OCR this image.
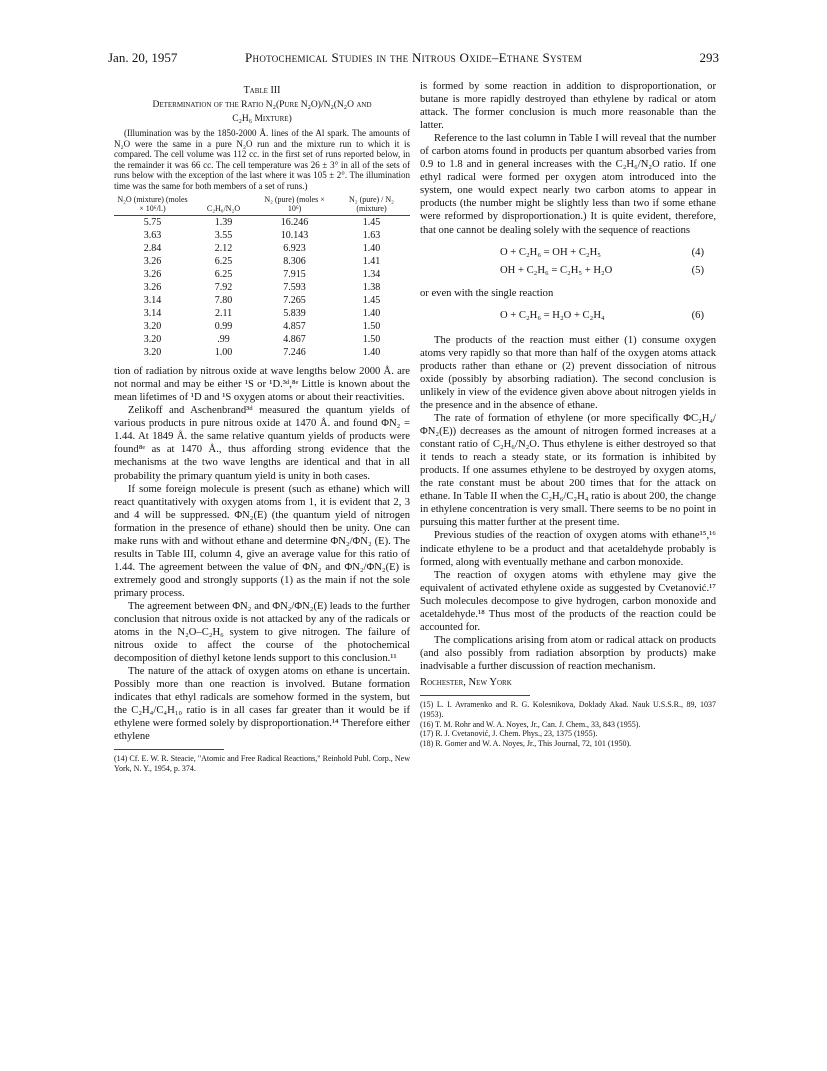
Jan. 20, 1957	Photochemical Studies in the Nitrous Oxide–Ethane System	293
Table III
Determination of the Ratio N₂(Pure N₂O)/N₂(N₂O and
C₂H₆ Mixture)
(Illumination was by the 1850-2000 Å. lines of the Al spark. The amounts of N₂O were the same in a pure N₂O run and the mixture run to which it is compared. The cell volume was 112 cc. in the first set of runs reported below, in the remainder it was 66 cc. The cell temperature was 26 ± 3° in all of the sets of runs below with the exception of the last where it was 105 ± 2°. The illumination time was the same for both members of a set of runs.)
N₂O (mixture) (moles × 10⁶/l.)	C₂H₆/N₂O	N₂ (pure) (moles × 10⁶)	N₂ (pure) / N₂ (mixture)
5.75	1.39	16.246	1.45
3.63	3.55	10.143	1.63
2.84	2.12	6.923	1.40
3.26	6.25	8.306	1.41
3.26	6.25	7.915	1.34
3.26	7.92	7.593	1.38
3.14	7.80	7.265	1.45
3.14	2.11	5.839	1.40
3.20	0.99	4.857	1.50
3.20	.99	4.867	1.50
3.20	1.00	7.246	1.40

tion of radiation by nitrous oxide at wave lengths below 2000 Å. are not normal and may be either ¹S or ¹D.³ᵈ,⁸ᵉ Little is known about the mean lifetimes of ¹D and ¹S oxygen atoms or about their reactivities.

Zelikoff and Aschenbrand³ᵈ measured the quantum yields of various products in pure nitrous oxide at 1470 Å. and found ΦN₂ = 1.44. At 1849 Å. the same relative quantum yields of products were found⁸ᵉ as at 1470 Å., thus affording strong evidence that the mechanisms at the two wave lengths are identical and that in all probability the primary quantum yield is unity in both cases.

If some foreign molecule is present (such as ethane) which will react quantitatively with oxygen atoms from 1, it is evident that 2, 3 and 4 will be suppressed. ΦN₂(E) (the quantum yield of nitrogen formation in the presence of ethane) should then be unity. One can make runs with and without ethane and determine ΦN₂/ΦN₂ (E). The results in Table III, column 4, give an average value for this ratio of 1.44. The agreement between the value of ΦN₂ and ΦN₂/ΦN₂(E) is extremely good and strongly supports (1) as the main if not the sole primary process.

The agreement between ΦN₂ and ΦN₂/ΦN₂(E) leads to the further conclusion that nitrous oxide is not attacked by any of the radicals or atoms in the N₂O–C₂H₆ system to give nitrogen. The failure of nitrous oxide to affect the course of the photochemical decomposition of diethyl ketone lends support to this conclusion.¹¹

The nature of the attack of oxygen atoms on ethane is uncertain. Possibly more than one reaction is involved. Butane formation indicates that ethyl radicals are somehow formed in the system, but the C₂H₄/C₄H₁₀ ratio is in all cases far greater than it would be if ethylene were formed solely by disproportionation.¹⁴ Therefore either ethylene

(14) Cf. E. W. R. Steacie, "Atomic and Free Radical Reactions," Reinhold Publ. Corp., New York, N. Y., 1954, p. 374.

is formed by some reaction in addition to disproportionation, or butane is more rapidly destroyed than ethylene by radical or atom attack. The former conclusion is much more reasonable than the latter.

Reference to the last column in Table I will reveal that the number of carbon atoms found in products per quantum absorbed varies from 0.9 to 1.8 and in general increases with the C₂H₆/N₂O ratio. If one ethyl radical were formed per oxygen atom introduced into the system, one would expect nearly two carbon atoms to appear in products (the number might be slightly less than two if some ethane were reformed by disproportionation.) It is quite evident, therefore, that one cannot be dealing solely with the sequence of reactions

O + C₂H₆ = OH + C₂H₅	(4)
OH + C₂H₆ = C₂H₅ + H₂O	(5)

or even with the single reaction

O + C₂H₆ = H₂O + C₂H₄	(6)

The products of the reaction must either (1) consume oxygen atoms very rapidly so that more than half of the oxygen atoms attack products rather than ethane or (2) prevent dissociation of nitrous oxide (possibly by absorbing radiation). The second conclusion is unlikely in view of the evidence given above about nitrogen yields in the presence and in the absence of ethane.

The rate of formation of ethylene (or more specifically ΦC₂H₄/ΦN₂(E)) decreases as the amount of nitrogen formed increases at a constant ratio of C₂H₆/N₂O. Thus ethylene is either destroyed so that it tends to reach a steady state, or its formation is inhibited by products. If one assumes ethylene to be destroyed by oxygen atoms, the rate constant must be about 200 times that for the attack on ethane. In Table II when the C₂H₆/C₂H₄ ratio is about 200, the change in ethylene concentration is very small. There seems to be no point in pursuing this matter further at the present time.

Previous studies of the reaction of oxygen atoms with ethane¹⁵,¹⁶ indicate ethylene to be a product and that acetaldehyde probably is formed, along with eventually methane and carbon monoxide.

The reaction of oxygen atoms with ethylene may give the equivalent of activated ethylene oxide as suggested by Cvetanović.¹⁷ Such molecules decompose to give hydrogen, carbon monoxide and acetaldehyde.¹⁸ Thus most of the products of the reaction could be accounted for.

The complications arising from atom or radical attack on products (and also possibly from radiation absorption by products) make inadvisable a further discussion of reaction mechanism.

Rochester, New York
(15) L. I. Avramenko and R. G. Kolesnikova, Doklady Akad. Nauk U.S.S.R., 89, 1037 (1953).
(16) T. M. Rohr and W. A. Noyes, Jr., Can. J. Chem., 33, 843 (1955).
(17) R. J. Cvetanović, J. Chem. Phys., 23, 1375 (1955).
(18) R. Gomer and W. A. Noyes, Jr., This Journal, 72, 101 (1950).
